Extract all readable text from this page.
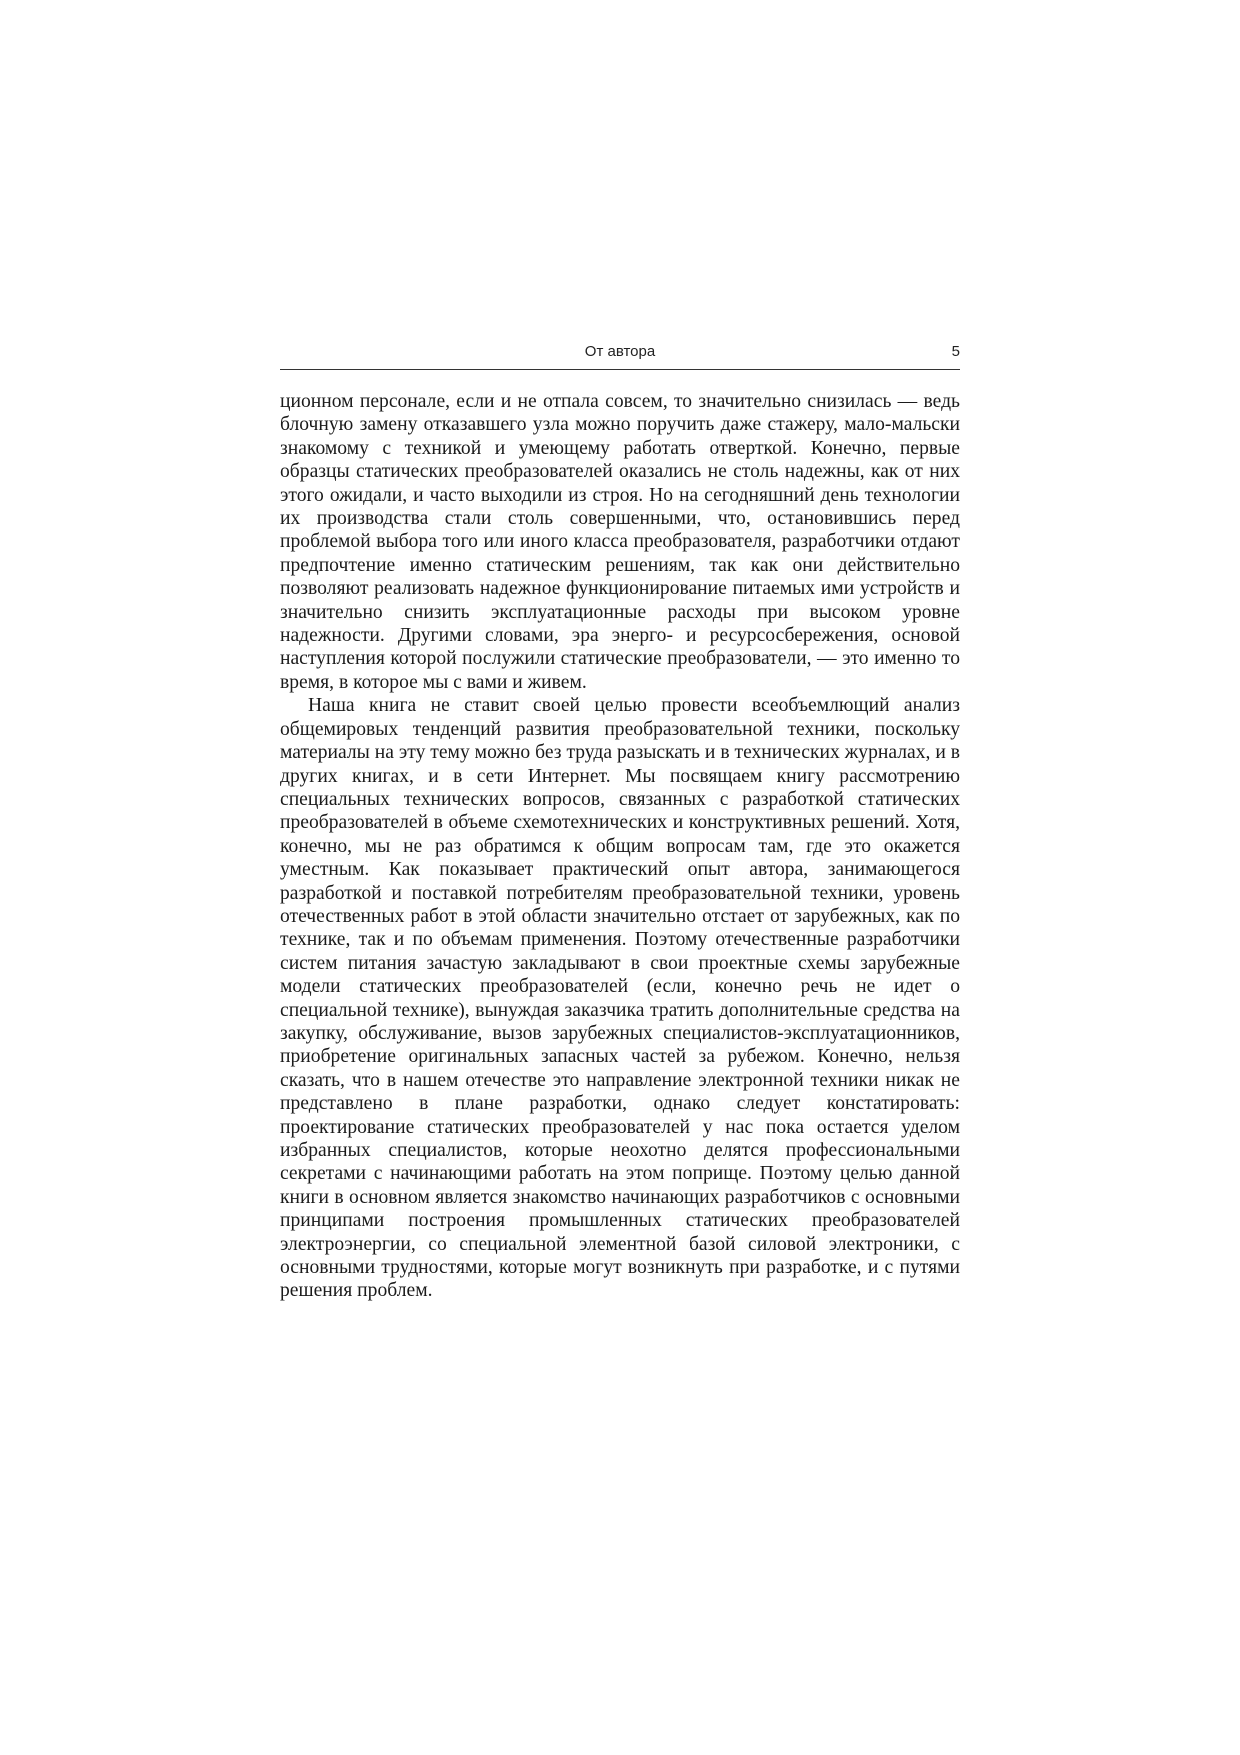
От автора	5

ционном персонале, если и не отпала совсем, то значительно снизилась — ведь блочную замену отказавшего узла можно поручить даже стажеру, мало-мальски знакомому с техникой и умеющему работать отверткой. Конечно, первые образцы статических преобразователей оказались не столь надежны, как от них этого ожидали, и часто выходили из строя. Но на сегодняшний день технологии их производства стали столь совершенными, что, остановившись перед проблемой выбора того или иного класса преобразователя, разработчики отдают предпочтение именно статическим решениям, так как они действительно позволяют реализовать надежное функционирование питаемых ими устройств и значительно снизить эксплуатационные расходы при высоком уровне надежности. Другими словами, эра энерго- и ресурсосбережения, основой наступления которой послужили статические преобразователи, — это именно то время, в которое мы с вами и живем.

Наша книга не ставит своей целью провести всеобъемлющий анализ общемировых тенденций развития преобразовательной техники, поскольку материалы на эту тему можно без труда разыскать и в технических журналах, и в других книгах, и в сети Интернет. Мы посвящаем книгу рассмотрению специальных технических вопросов, связанных с разработкой статических преобразователей в объеме схемотехнических и конструктивных решений. Хотя, конечно, мы не раз обратимся к общим вопросам там, где это окажется уместным. Как показывает практический опыт автора, занимающегося разработкой и поставкой потребителям преобразовательной техники, уровень отечественных работ в этой области значительно отстает от зарубежных, как по технике, так и по объемам применения. Поэтому отечественные разработчики систем питания зачастую закладывают в свои проектные схемы зарубежные модели статических преобразователей (если, конечно речь не идет о специальной технике), вынуждая заказчика тратить дополнительные средства на закупку, обслуживание, вызов зарубежных специалистов-эксплуатационников, приобретение оригинальных запасных частей за рубежом. Конечно, нельзя сказать, что в нашем отечестве это направление электронной техники никак не представлено в плане разработки, однако следует констатировать: проектирование статических преобразователей у нас пока остается уделом избранных специалистов, которые неохотно делятся профессиональными секретами с начинающими работать на этом поприще. Поэтому целью данной книги в основном является знакомство начинающих разработчиков с основными принципами построения промышленных статических преобразователей электроэнергии, со специальной элементной базой силовой электроники, с основными трудностями, которые могут возникнуть при разработке, и с путями решения проблем.
